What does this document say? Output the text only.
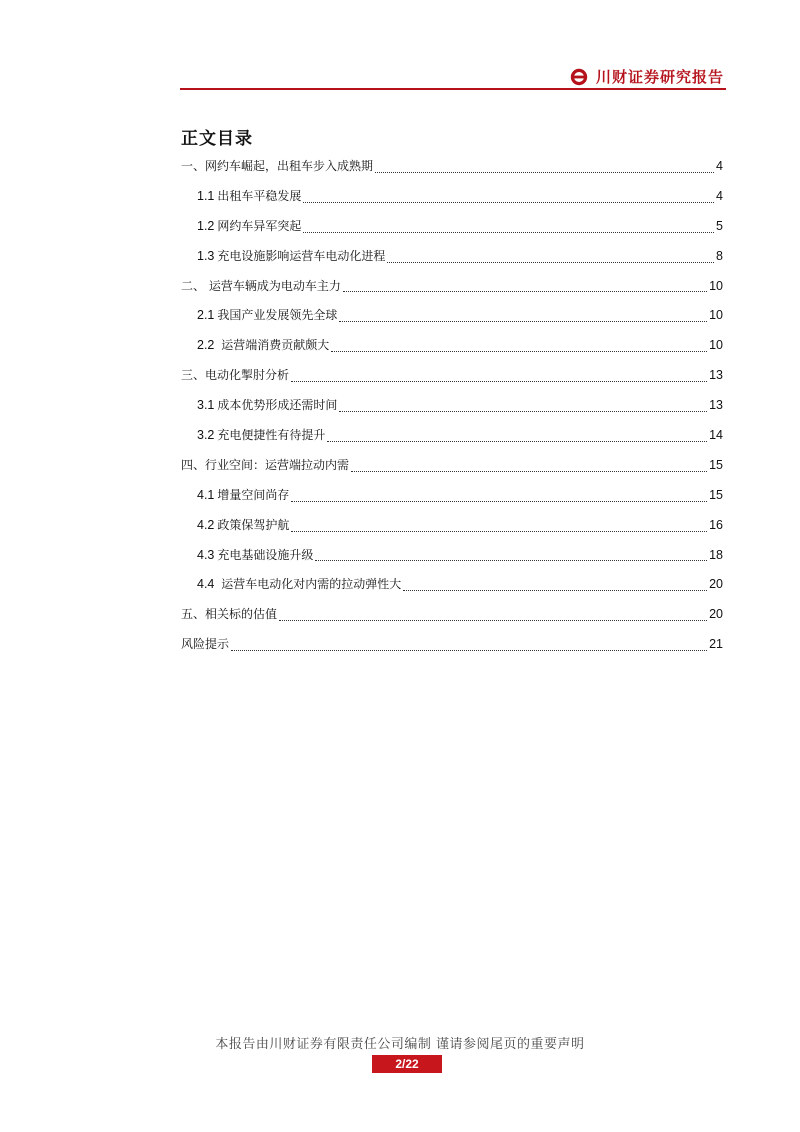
川财证券研究报告
正文目录
一、网约车崛起，出租车步入成熟期	4
1.1 出租车平稳发展	4
1.2 网约车异军突起	5
1.3 充电设施影响运营车电动化进程	8
二、 运营车辆成为电动车主力	10
2.1 我国产业发展领先全球	10
2.2 运营端消费贡献颇大	10
三、电动化掣肘分析	13
3.1 成本优势形成还需时间	13
3.2 充电便捷性有待提升	14
四、行业空间：运营端拉动内需	15
4.1 增量空间尚存	15
4.2 政策保驾护航	16
4.3 充电基础设施升级	18
4.4 运营车电动化对内需的拉动弹性大	20
五、相关标的估值	20
风险提示	21
本报告由川财证券有限责任公司编制 谨请参阅尾页的重要声明
2/22
